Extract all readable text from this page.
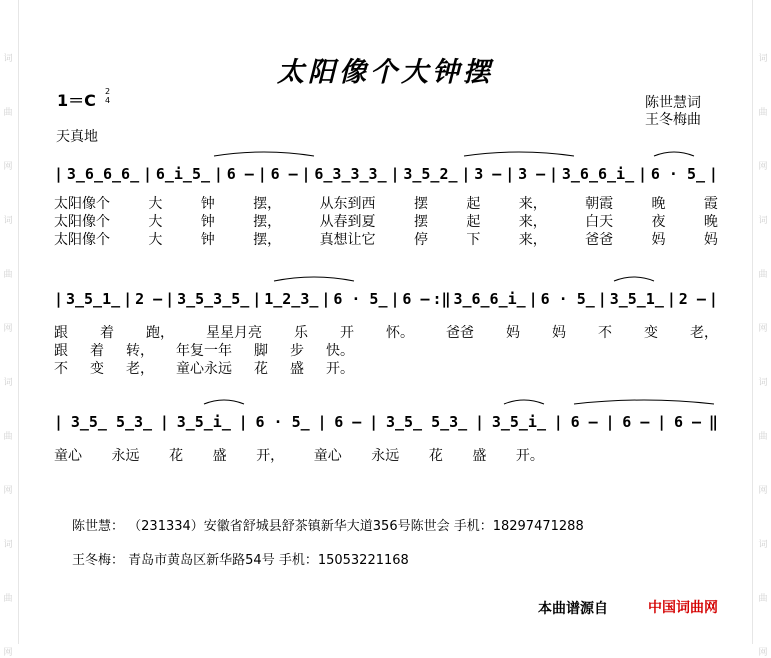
词
曲
网
词
曲
网
词
曲
网
词
曲
网
词
曲
网
词
曲
网
词
曲
网
词
曲
网
太阳像个大钟摆
1＝C 2
4	陈世慧词
王冬梅曲
天真地
| 3̲6̲6̲6̲ | 6̲i̲5̲ | 6 – | 6 – | 6̲3̲3̲3̲ | 3̲5̲2̲ | 3 – | 3 – | 3̲6̲6̲i̲ | 6 · 5̲ |
太阳像个	大	钟	摆，	从东到西	摆	起	来，	朝霞	晚	霞
太阳像个	大	钟	摆，	从春到夏	摆	起	来，	白天	夜	晚
太阳像个	大	钟	摆，	真想让它	停	下	来，	爸爸	妈	妈
| 3̲5̲1̲ | 2 – | 3̲5̲3̲5̲ | 1̲2̲3̲ | 6 · 5̲ | 6 – :‖ 3̲6̲6̲i̲ | 6 · 5̲ | 3̲5̲1̲ | 2 – |
跟 着 跑， 星星月亮 乐 开 怀。 爸爸 妈 妈 不 变 老，
跟 着 转， 年复一年 脚 步 快。
不 变 老， 童心永远 花 盛 开。
| 3̲5̲ 5̲3̲ | 3̲5̲i̲ | 6 · 5̲ | 6 – | 3̲5̲ 5̲3̲ | 3̲5̲i̲ | 6 – | 6 – | 6 – ‖
童心 永远 花 盛 开， 童心 永远 花 盛 开。
陈世慧： （231334）安徽省舒城县舒茶镇新华大道356号陈世会 手机：18297471288
王冬梅： 青岛市黄岛区新华路54号 手机：15053221168
本曲谱源自	中国词曲网
